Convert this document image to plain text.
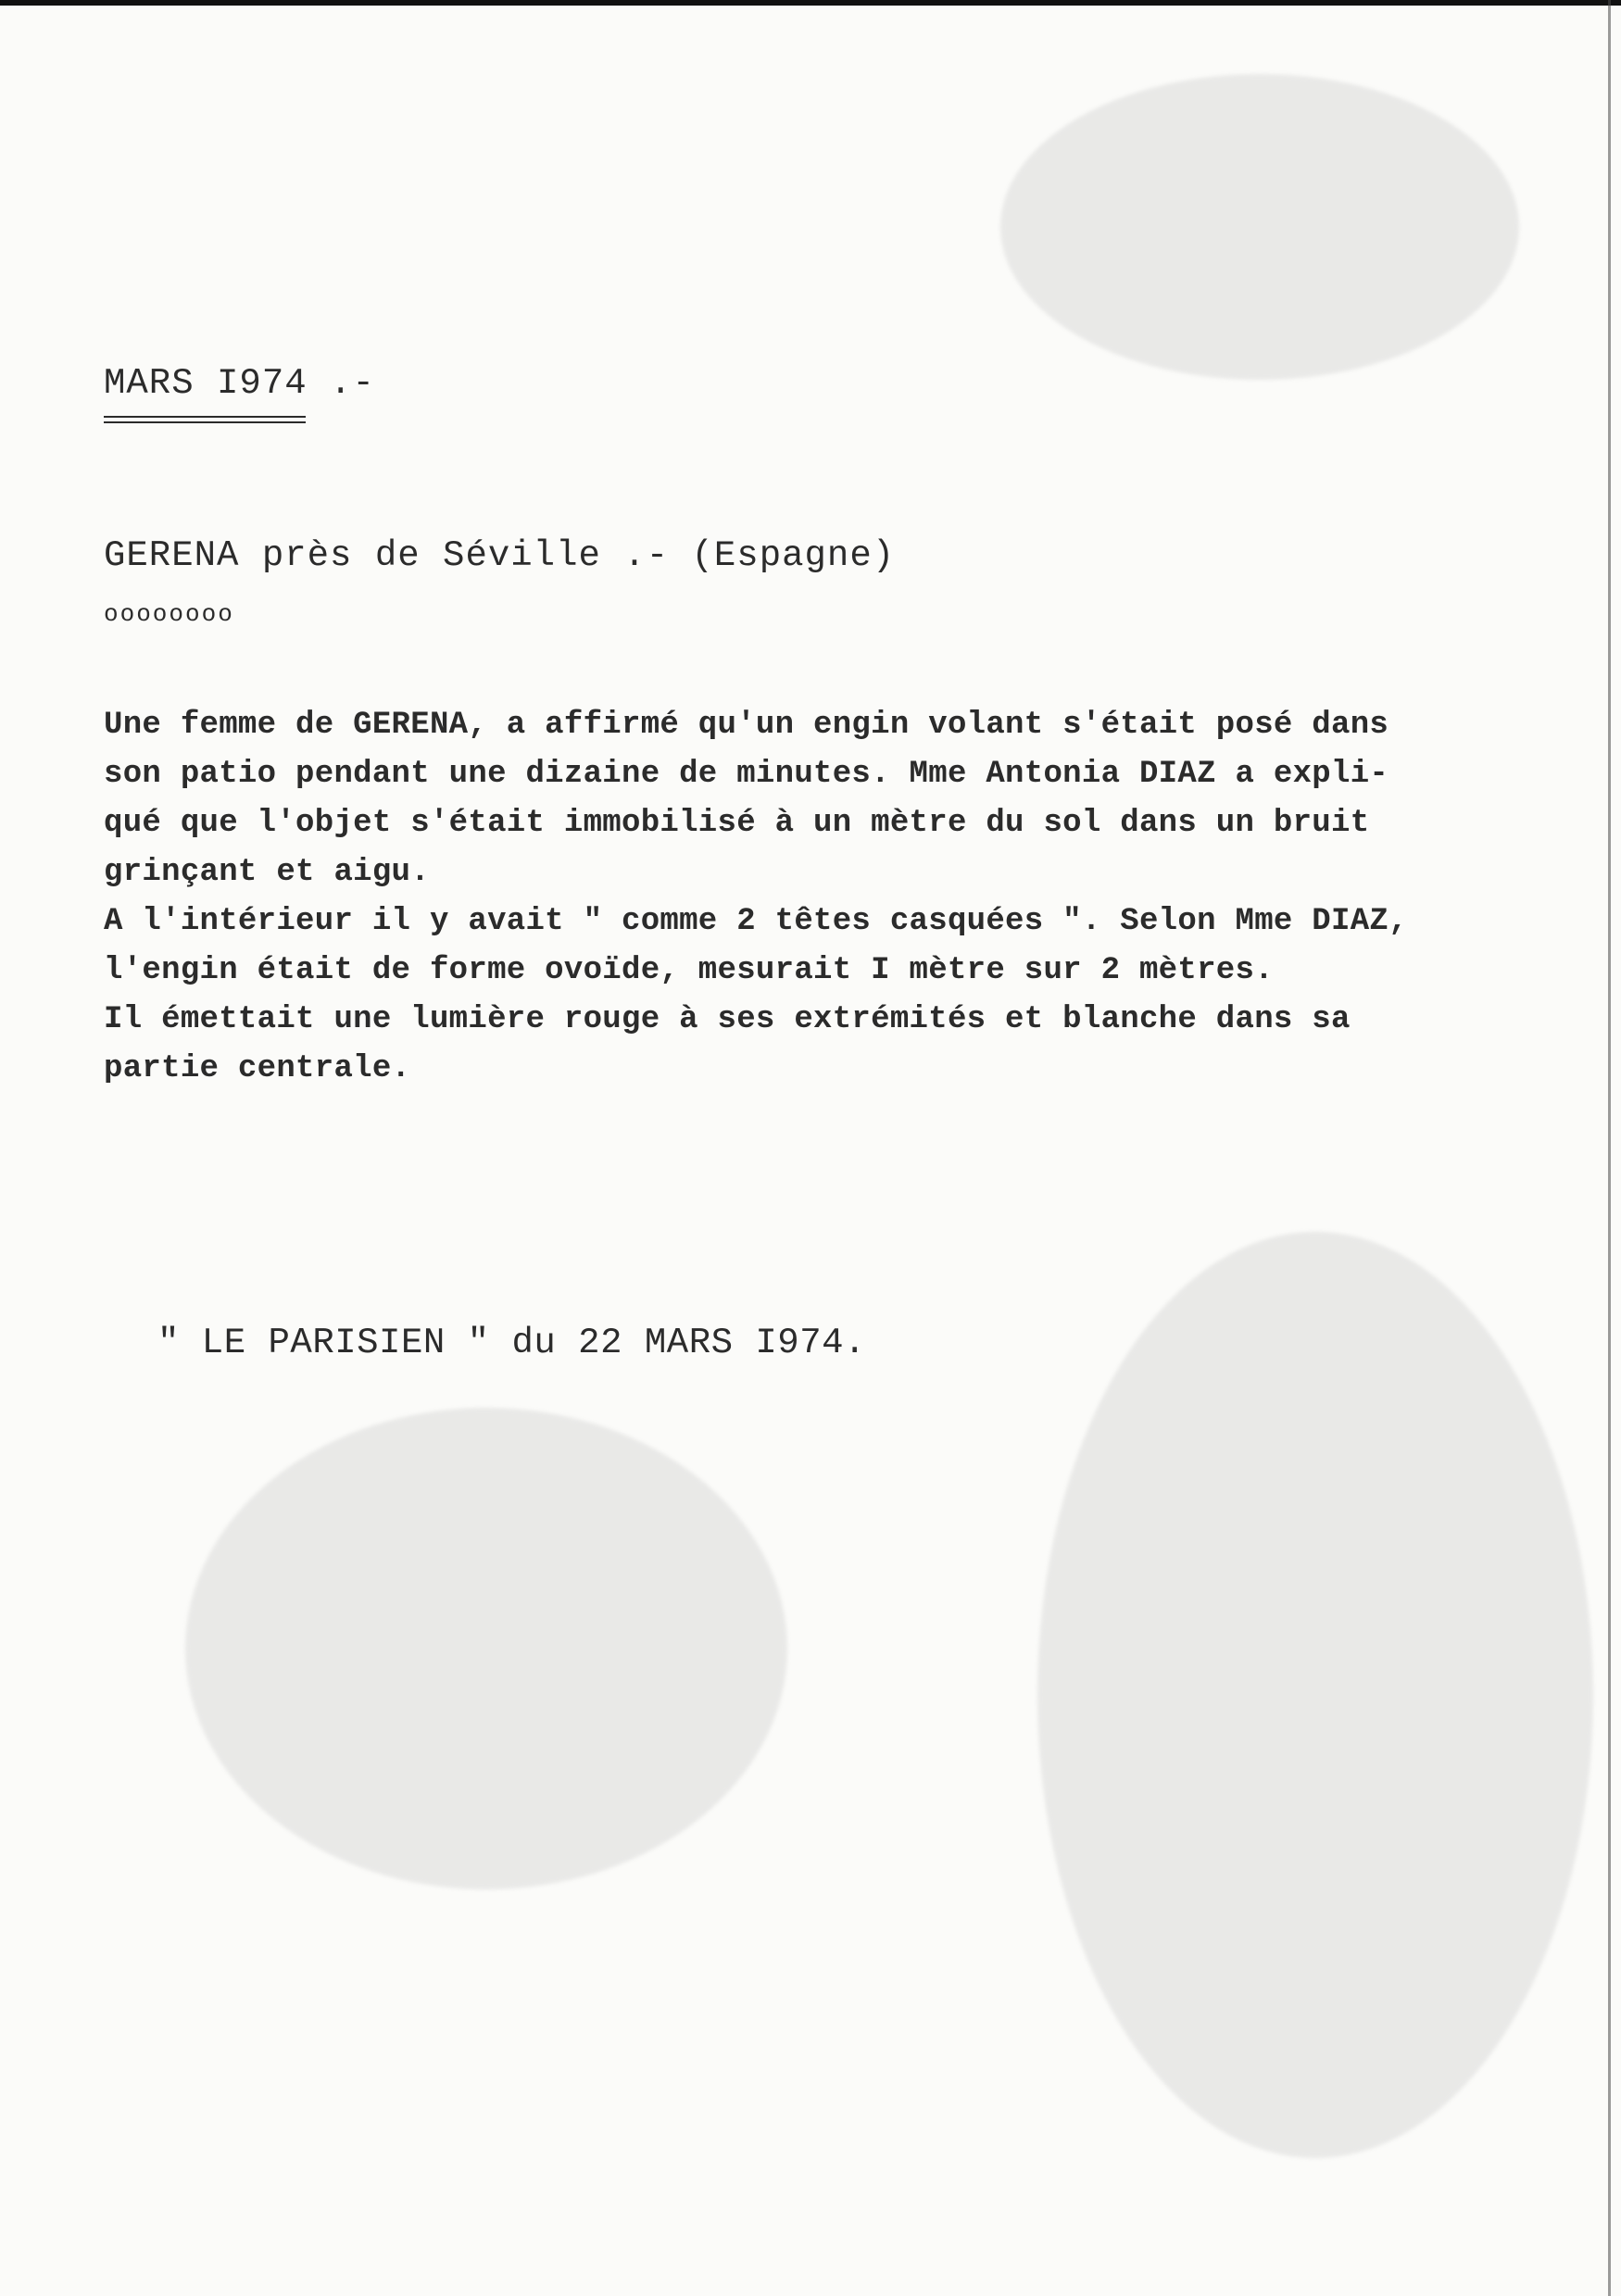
MARS I974 .-
GERENA près de Séville .- (Espagne)
oooooooo
Une femme de GERENA, a affirmé qu'un engin volant s'était posé dans
son patio pendant une dizaine de minutes. Mme Antonia DIAZ a expli-
qué que l'objet s'était immobilisé à un mètre du sol dans un bruit
grinçant et aigu.
A l'intérieur il y avait " comme 2 têtes casquées ". Selon Mme DIAZ,
l'engin était de forme ovoïde, mesurait I mètre sur 2 mètres.
Il émettait une lumière rouge à ses extrémités et blanche dans sa
partie centrale.
" LE PARISIEN " du 22 MARS I974.
